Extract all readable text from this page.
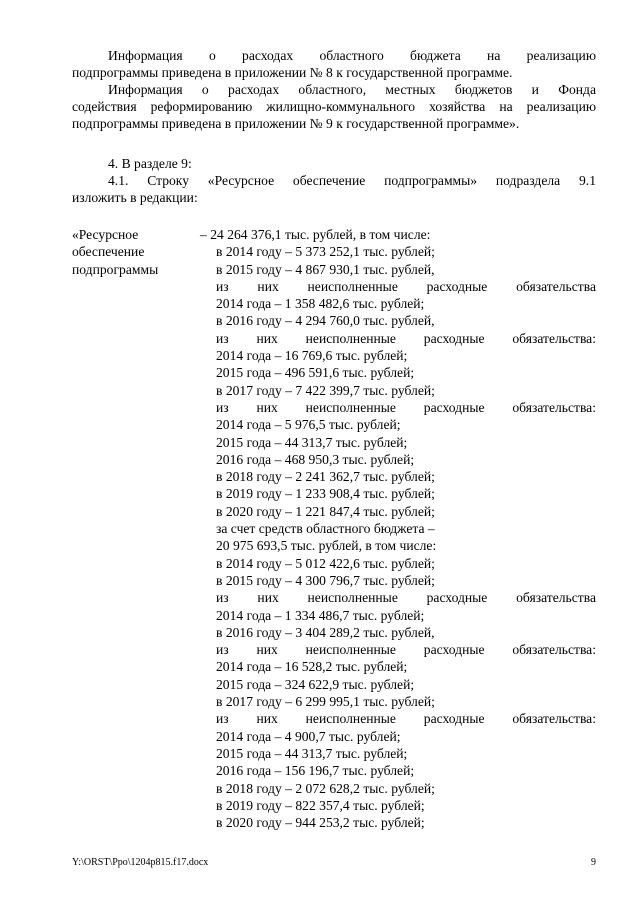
Информация о расходах областного бюджета на реализацию
подпрограммы приведена в приложении № 8 к государственной программе.

Информация о расходах областного, местных бюджетов и Фонда
содействия реформированию жилищно-коммунального хозяйства на реализацию
подпрограммы приведена в приложении № 9 к государственной программе».

4. В разделе 9:

4.1. Строку «Ресурсное обеспечение подпрограммы» подраздела 9.1
изложить в редакции:

«Ресурсное
обеспечение
подпрограммы
– 24 264 376,1 тыс. рублей, в том числе:
в 2014 году – 5 373 252,1 тыс. рублей;
в 2015 году – 4 867 930,1 тыс. рублей,
из них неисполненные расходные обязательства
2014 года – 1 358 482,6 тыс. рублей;
в 2016 году – 4 294 760,0 тыс. рублей,
из них неисполненные расходные обязательства:
2014 года – 16 769,6 тыс. рублей;
2015 года – 496 591,6 тыс. рублей;
в 2017 году – 7 422 399,7 тыс. рублей;
из них неисполненные расходные обязательства:
2014 года – 5 976,5 тыс. рублей;
2015 года – 44 313,7 тыс. рублей;
2016 года – 468 950,3 тыс. рублей;
в 2018 году – 2 241 362,7 тыс. рублей;
в 2019 году – 1 233 908,4 тыс. рублей;
в 2020 году – 1 221 847,4 тыс. рублей;
за счет средств областного бюджета –
20 975 693,5 тыс. рублей, в том числе:
в 2014 году – 5 012 422,6 тыс. рублей;
в 2015 году – 4 300 796,7 тыс. рублей;
из них неисполненные расходные обязательства
2014 года – 1 334 486,7 тыс. рублей;
в 2016 году – 3 404 289,2 тыс. рублей,
из них неисполненные расходные обязательства:
2014 года – 16 528,2 тыс. рублей;
2015 года – 324 622,9 тыс. рублей;
в 2017 году – 6 299 995,1 тыс. рублей;
из них неисполненные расходные обязательства:
2014 года – 4 900,7 тыс. рублей;
2015 года – 44 313,7 тыс. рублей;
2016 года – 156 196,7 тыс. рублей;
в 2018 году – 2 072 628,2 тыс. рублей;
в 2019 году – 822 357,4 тыс. рублей;
в 2020 году – 944 253,2 тыс. рублей;
Y:\ORST\Ppo\1204p815.f17.docx	9
